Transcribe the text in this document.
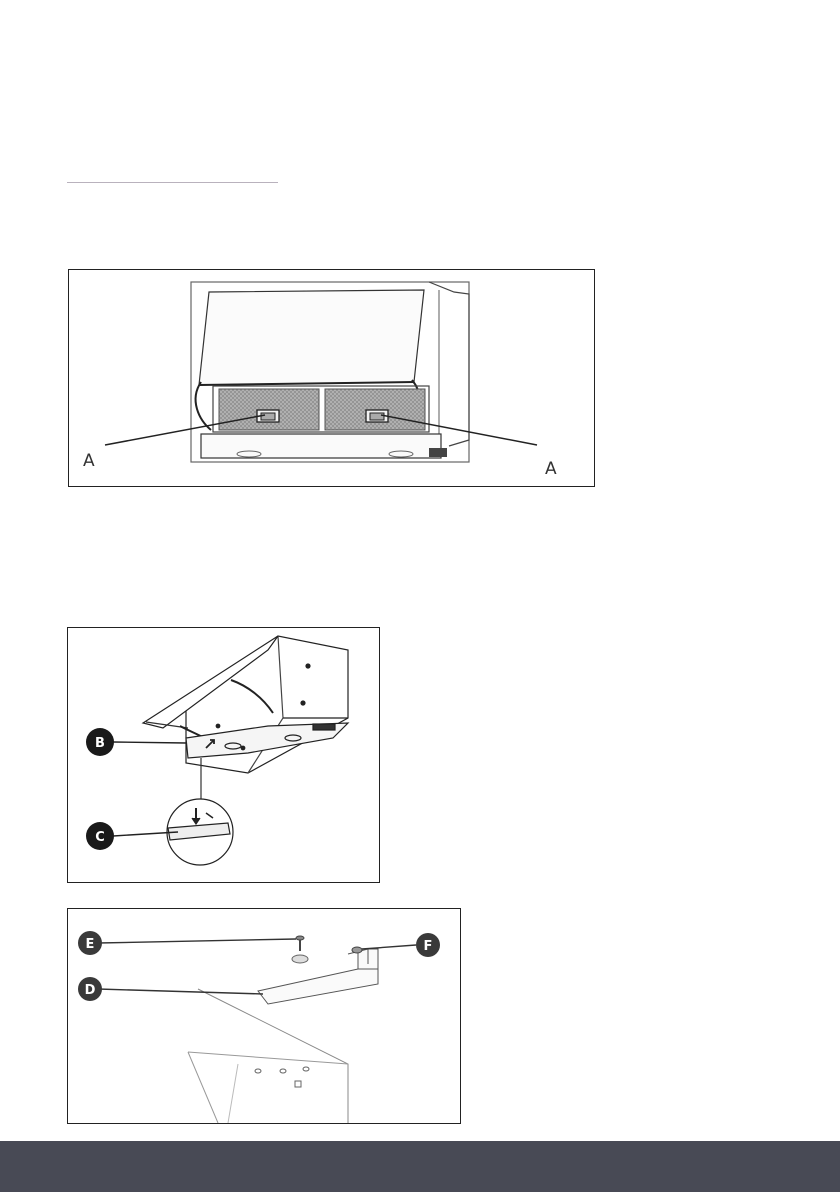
A	A
B
C
E	F
D
